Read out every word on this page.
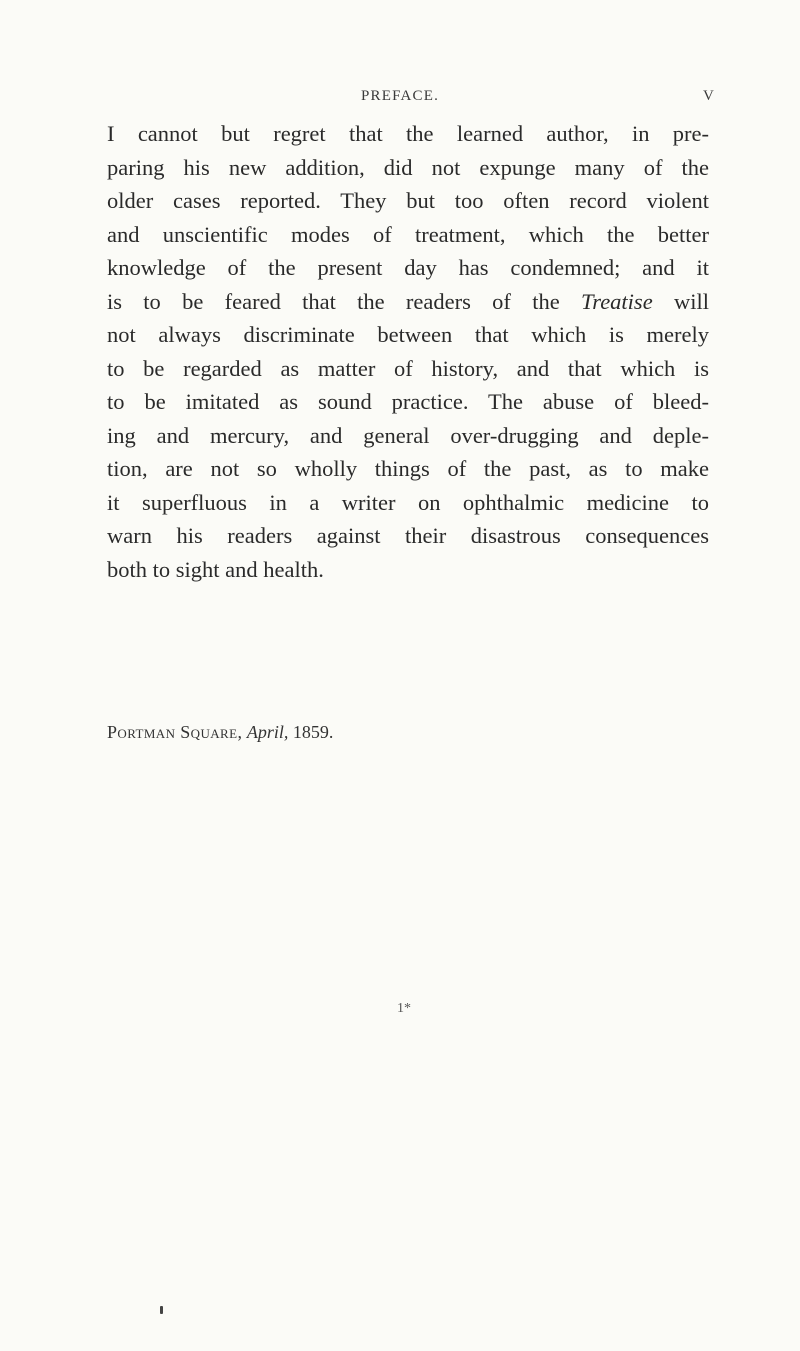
PREFACE.	V
I cannot but regret that the learned author, in pre-
paring his new addition, did not expunge many of the
older cases reported. They but too often record violent
and unscientific modes of treatment, which the better
knowledge of the present day has condemned; and it
is to be feared that the readers of the Treatise will
not always discriminate between that which is merely
to be regarded as matter of history, and that which is
to be imitated as sound practice. The abuse of bleed-
ing and mercury, and general over-drugging and deple-
tion, are not so wholly things of the past, as to make
it superfluous in a writer on ophthalmic medicine to
warn his readers against their disastrous consequences
both to sight and health.
Portman Square, April, 1859.
1*
